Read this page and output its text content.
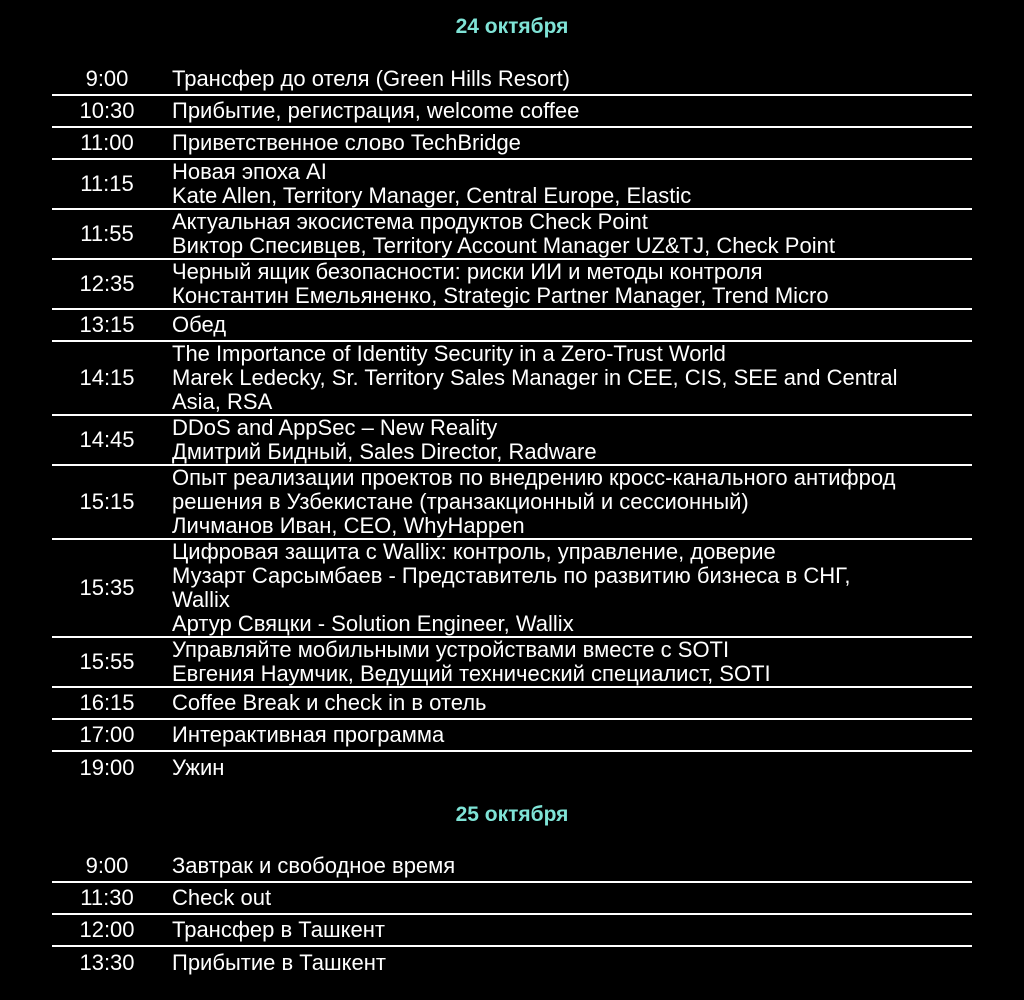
24 октября
9:00	Трансфер до отеля (Green Hills Resort)
10:30	Прибытие, регистрация, welcome coffee
11:00	Приветственное слово TechBridge
11:15	Новая эпоха AI
Kate Allen, Territory Manager, Central Europe, Elastic
11:55	Актуальная экосистема продуктов Check Point
Виктор Спесивцев, Territory Account Manager UZ&TJ, Check Point
12:35	Черный ящик безопасности: риски ИИ и методы контроля
Константин Емельяненко, Strategic Partner Manager, Trend Micro
13:15	Обед
14:15
The Importance of Identity Security in a Zero-Trust World
Marek Ledecky, Sr. Territory Sales Manager in CEE, CIS, SEE and Central
Asia, RSA
14:45	DDoS and AppSec – New Reality
Дмитрий Бидный, Sales Director, Radware
15:15
Опыт реализации проектов по внедрению кросс-канального антифрод
решения в Узбекистане (транзакционный и сессионный)
Личманов Иван, CEO, WhyHappen
15:35
Цифровая защита с Wallix: контроль, управление, доверие
Музарт Сарсымбаев - Представитель по развитию бизнеса в СНГ,
Wallix
Артур Свяцки - Solution Engineer, Wallix
15:55	Управляйте мобильными устройствами вместе с SOTI
Евгения Наумчик, Ведущий технический специалист, SOTI
16:15	Coffee Break и check in в отель
17:00	Интерактивная программа
19:00	Ужин
25 октября
9:00	Завтрак и свободное время
11:30	Check out
12:00	Трансфер в Ташкент
13:30	Прибытие в Ташкент
